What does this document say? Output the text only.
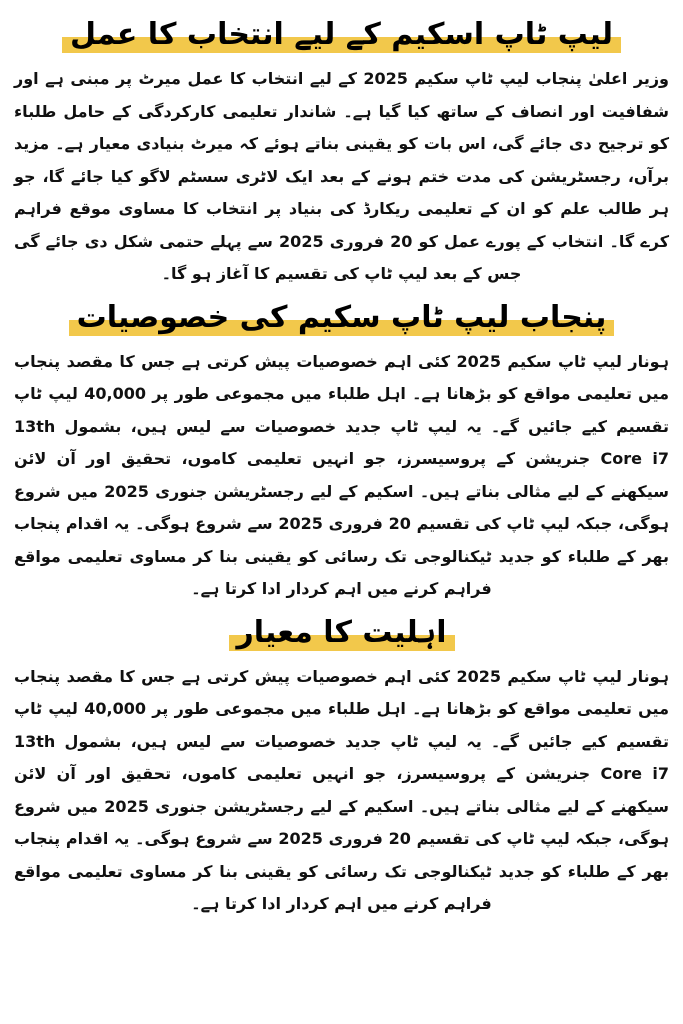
لیپ ٹاپ اسکیم کے لیے انتخاب کا عمل

وزیر اعلیٰ پنجاب لیپ ٹاپ سکیم 2025 کے لیے انتخاب کا عمل میرٹ پر مبنی ہے اور شفافیت اور انصاف کے ساتھ کیا گیا ہے۔ شاندار تعلیمی کارکردگی کے حامل طلباء کو ترجیح دی جائے گی، اس بات کو یقینی بناتے ہوئے کہ میرٹ بنیادی معیار ہے۔ مزید برآں، رجسٹریشن کی مدت ختم ہونے کے بعد ایک لاٹری سسٹم لاگو کیا جائے گا، جو ہر طالب علم کو ان کے تعلیمی ریکارڈ کی بنیاد پر انتخاب کا مساوی موقع فراہم کرے گا۔ انتخاب کے پورے عمل کو 20 فروری 2025 سے پہلے حتمی شکل دی جائے گی جس کے بعد لیپ ٹاپ کی تقسیم کا آغاز ہو گا۔

پنجاب لیپ ٹاپ سکیم کی خصوصیات

ہونار لیپ ٹاپ سکیم 2025 کئی اہم خصوصیات پیش کرتی ہے جس کا مقصد پنجاب میں تعلیمی مواقع کو بڑھانا ہے۔ اہل طلباء میں مجموعی طور پر 40,000 لیپ ٹاپ تقسیم کیے جائیں گے۔ یہ لیپ ٹاپ جدید خصوصیات سے لیس ہیں، بشمول 13th Core i7 جنریشن کے پروسیسرز، جو انہیں تعلیمی کاموں، تحقیق اور آن لائن سیکھنے کے لیے مثالی بناتے ہیں۔ اسکیم کے لیے رجسٹریشن جنوری 2025 میں شروع ہوگی، جبکہ لیپ ٹاپ کی تقسیم 20 فروری 2025 سے شروع ہوگی۔ یہ اقدام پنجاب بھر کے طلباء کو جدید ٹیکنالوجی تک رسائی کو یقینی بنا کر مساوی تعلیمی مواقع فراہم کرنے میں اہم کردار ادا کرتا ہے۔

اہلیت کا معیار

ہونار لیپ ٹاپ سکیم 2025 کئی اہم خصوصیات پیش کرتی ہے جس کا مقصد پنجاب میں تعلیمی مواقع کو بڑھانا ہے۔ اہل طلباء میں مجموعی طور پر 40,000 لیپ ٹاپ تقسیم کیے جائیں گے۔ یہ لیپ ٹاپ جدید خصوصیات سے لیس ہیں، بشمول 13th Core i7 جنریشن کے پروسیسرز، جو انہیں تعلیمی کاموں، تحقیق اور آن لائن سیکھنے کے لیے مثالی بناتے ہیں۔ اسکیم کے لیے رجسٹریشن جنوری 2025 میں شروع ہوگی، جبکہ لیپ ٹاپ کی تقسیم 20 فروری 2025 سے شروع ہوگی۔ یہ اقدام پنجاب بھر کے طلباء کو جدید ٹیکنالوجی تک رسائی کو یقینی بنا کر مساوی تعلیمی مواقع فراہم کرنے میں اہم کردار ادا کرتا ہے۔
